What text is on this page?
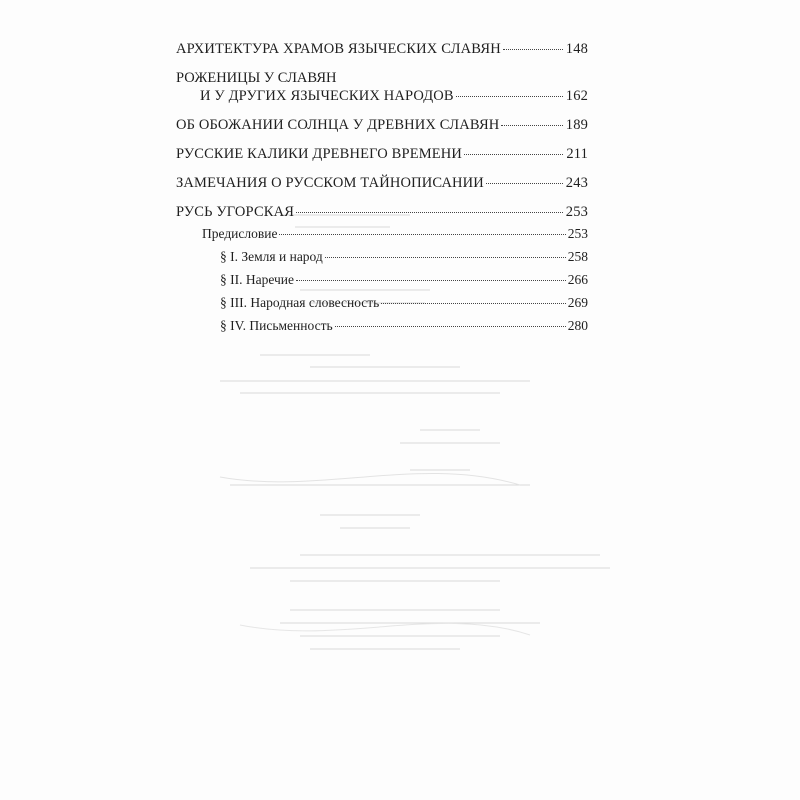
АРХИТЕКТУРА ХРАМОВ ЯЗЫЧЕСКИХ СЛАВЯН	148
РОЖЕНИЦЫ У СЛАВЯН
И У ДРУГИХ ЯЗЫЧЕСКИХ НАРОДОВ	162
ОБ ОБОЖАНИИ СОЛНЦА У ДРЕВНИХ СЛАВЯН	189
РУССКИЕ КАЛИКИ ДРЕВНЕГО ВРЕМЕНИ	211
ЗАМЕЧАНИЯ О РУССКОМ ТАЙНОПИСАНИИ	243
РУСЬ УГОРСКАЯ	253
Предисловие	253
§ I. Земля и народ	258
§ II. Наречие	266
§ III. Народная словесность	269
§ IV. Письменность	280
